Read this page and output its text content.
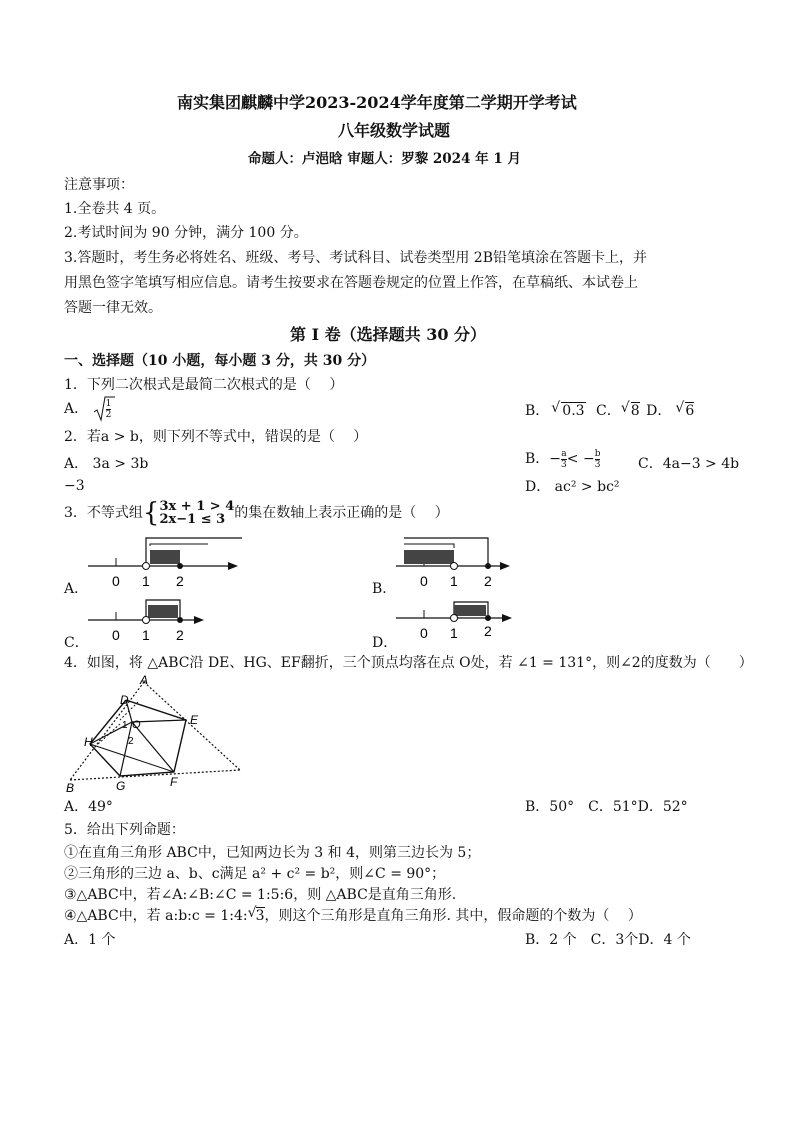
南实集团麒麟中学2023-2024学年度第二学期开学考试
八年级数学试题
命题人：卢浥晗 审题人：罗黎 2024 年 1 月
注意事项：
1.全卷共 4 页。
2.考试时间为 90 分钟，满分 100 分。
3.答题时，考生务必将姓名、班级、考号、考试科目、试卷类型用 2B铅笔填涂在答题卡上，并
用黑色签字笔填写相应信息。请考生按要求在答题卷规定的位置上作答，在草稿纸、本试卷上
答题一律无效。
第 I 卷（选择题共 30 分）
一、选择题（10 小题，每小题 3 分，共 30 分）
1．下列二次根式是最简二次根式的是（　 ）
A． $\frac{1}{2}$	B． √ 0.3 C． √ 8 D． √ 6
2．若a > b，则下列不等式中，错误的是（　 ）
A． 3a > 3b	B．− $\frac{a}{3}$ < − $\frac{b}{3}$	C．4a−3 > 4b
−3	D． ac² > bc²
3．不等式组{ 3x + 1 > 4
2x−1 ≤ 3 的集在数轴上表示正确的是（　 ）
A． 0 1 2	B． 0 1 2
C． 0 1 2	D．
0 1 2
4．如图，将 △ABC沿 DE、HG、EF翻折，三个顶点均落在点 O处，若 ∠1 = 131°，则∠2的度数为（　　）
A
D
E
F
G
H
B
O
1
2
A．49°	B．50°　C．51°D．52°
5．给出下列命题：
①在直角三角形 ABC中，已知两边长为 3 和 4，则第三边长为 5；
②三角形的三边 a、b、c满足 a² + c² = b²，则∠C = 90°；
③△ABC中，若∠A:∠B:∠C = 1:5:6，则 △ABC是直角三角形.
④△ABC中，若 a:b:c = 1:4: √ 3，则这个三角形是直角三角形. 其中，假命题的个数为（　 ）
A．1 个	B．2 个　C．3个D．4 个
